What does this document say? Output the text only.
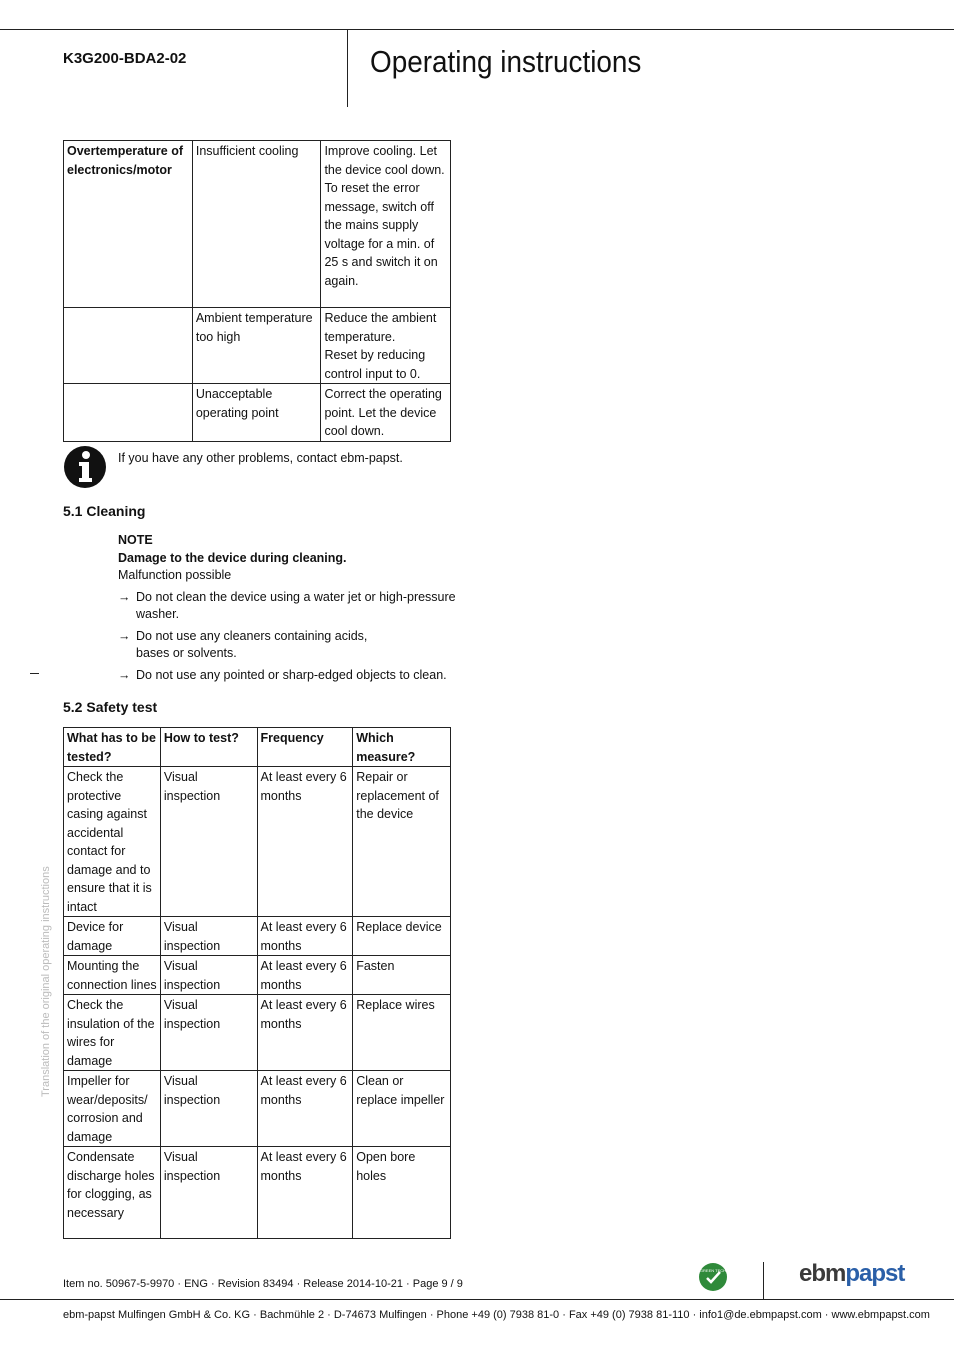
K3G200-BDA2-02	Operating instructions
Overtemperature of electronics/motor	Insufficient cooling	Improve cooling. Let the device cool down.
To reset the error message, switch off the mains supply voltage for a min. of 25 s and switch it on again.
	Ambient temperature too high	Reduce the ambient temperature.
Reset by reducing control input to 0.
	Unacceptable operating point	Correct the operating point. Let the device cool down.
If you have any other problems, contact ebm-papst.
5.1 Cleaning
NOTE
Damage to the device during cleaning.
Malfunction possible
→ Do not clean the device using a water jet or high-pressure washer.
→ Do not use any cleaners containing acids, bases or solvents.
→ Do not use any pointed or sharp-edged objects to clean.
5.2 Safety test
What has to be tested?	How to test?	Frequency	Which measure?
Check the protective casing against accidental contact for damage and to ensure that it is intact	Visual inspection	At least every 6 months	Repair or replacement of the device
Device for damage	Visual inspection	At least every 6 months	Replace device
Mounting the connection lines	Visual inspection	At least every 6 months	Fasten
Check the insulation of the wires for damage	Visual inspection	At least every 6 months	Replace wires
Impeller for wear/deposits/ corrosion and damage	Visual inspection	At least every 6 months	Clean or replace impeller
Condensate discharge holes for clogging, as necessary	Visual inspection	At least every 6 months	Open bore holes
Translation of the original operating instructions
Item no. 50967-5-9970 · ENG · Revision 83494 · Release 2014-10-21 · Page 9 / 9
GREEN TECH	ebmpapst
ebm-papst Mulfingen GmbH & Co. KG · Bachmühle 2 · D-74673 Mulfingen · Phone +49 (0) 7938 81-0 · Fax +49 (0) 7938 81-110 · info1@de.ebmpapst.com · www.ebmpapst.com
